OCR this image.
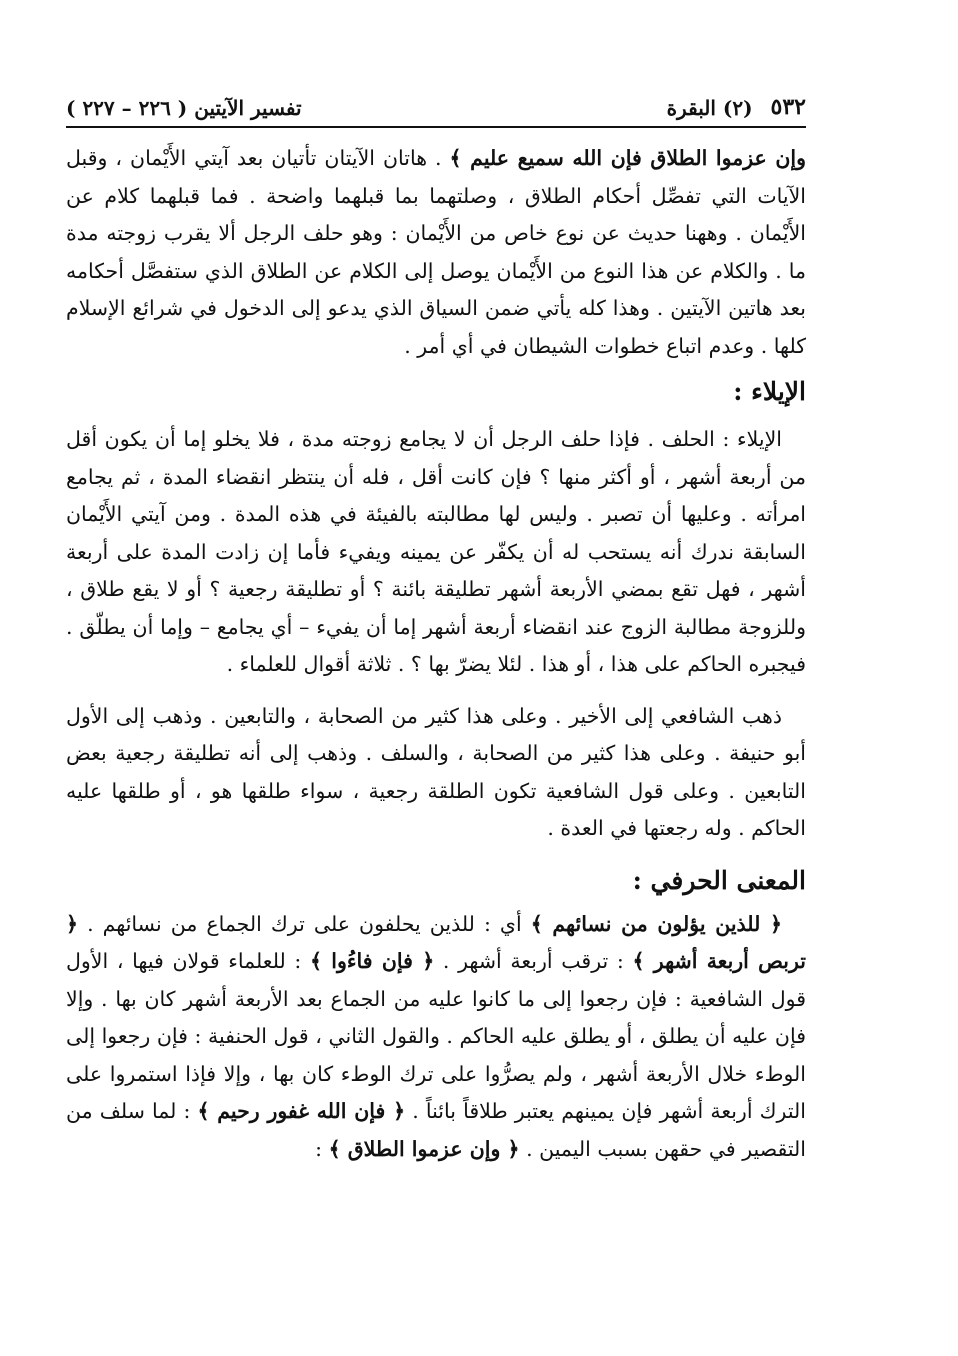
٥٣٢
(٢) البقرة
تفسير الآيتين ( ٢٢٦ – ٢٢٧ )

وإن عزموا الطلاق فإن الله سميع عليم ﴾ . هاتان الآيتان تأتيان بعد آيتي الأَيْمان ، وقبل الآيات التي تفصِّل أحكام الطلاق ، وصلتهما بما قبلهما واضحة . فما قبلهما كلام عن الأَيْمان . وههنا حديث عن نوع خاص من الأَيْمان : وهو حلف الرجل ألا يقرب زوجته مدة ما . والكلام عن هذا النوع من الأَيْمان يوصل إلى الكلام عن الطلاق الذي ستفصَّل أحكامه بعد هاتين الآيتين . وهذا كله يأتي ضمن السياق الذي يدعو إلى الدخول في شرائع الإسلام كلها . وعدم اتباع خطوات الشيطان في أي أمر .

الإيلاء :

الإيلاء : الحلف . فإذا حلف الرجل أن لا يجامع زوجته مدة ، فلا يخلو إما أن يكون أقل من أربعة أشهر ، أو أكثر منها ؟ فإن كانت أقل ، فله أن ينتظر انقضاء المدة ، ثم يجامع امرأته . وعليها أن تصبر . وليس لها مطالبته بالفيئة في هذه المدة . ومن آيتي الأَيْمان السابقة ندرك أنه يستحب له أن يكفّر عن يمينه ويفيء فأما إن زادت المدة على أربعة أشهر ، فهل تقع بمضي الأربعة أشهر تطليقة بائنة ؟ أو تطليقة رجعية ؟ أو لا يقع طلاق ، وللزوجة مطالبة الزوج عند انقضاء أربعة أشهر إما أن يفيء – أي يجامع – وإما أن يطلّق . فيجبره الحاكم على هذا ، أو هذا . لئلا يضرّ بها ؟ . ثلاثة أقوال للعلماء .

ذهب الشافعي إلى الأخير . وعلى هذا كثير من الصحابة ، والتابعين . وذهب إلى الأول أبو حنيفة . وعلى هذا كثير من الصحابة ، والسلف . وذهب إلى أنه تطليقة رجعية بعض التابعين . وعلى قول الشافعية تكون الطلقة رجعية ، سواء طلقها هو ، أو طلقها عليه الحاكم . وله رجعتها في العدة .

المعنى الحرفي :

﴿ للذين يؤلون من نسائهم ﴾ أي : للذين يحلفون على ترك الجماع من نسائهم . ﴿ تربص أربعة أشهر ﴾ : ترقب أربعة أشهر . ﴿ فإن فاءُوا ﴾ : للعلماء قولان فيها ، الأول قول الشافعية : فإن رجعوا إلى ما كانوا عليه من الجماع بعد الأربعة أشهر كان بها . وإلا فإن عليه أن يطلق ، أو يطلق عليه الحاكم . والقول الثاني ، قول الحنفية : فإن رجعوا إلى الوطء خلال الأربعة أشهر ، ولم يصرُّوا على ترك الوطء كان بها ، وإلا فإذا استمروا على الترك أربعة أشهر فإن يمينهم يعتبر طلاقاً بائناً . ﴿ فإن الله غفور رحيم ﴾ : لما سلف من التقصير في حقهن بسبب اليمين . ﴿ وإن عزموا الطلاق ﴾ :
